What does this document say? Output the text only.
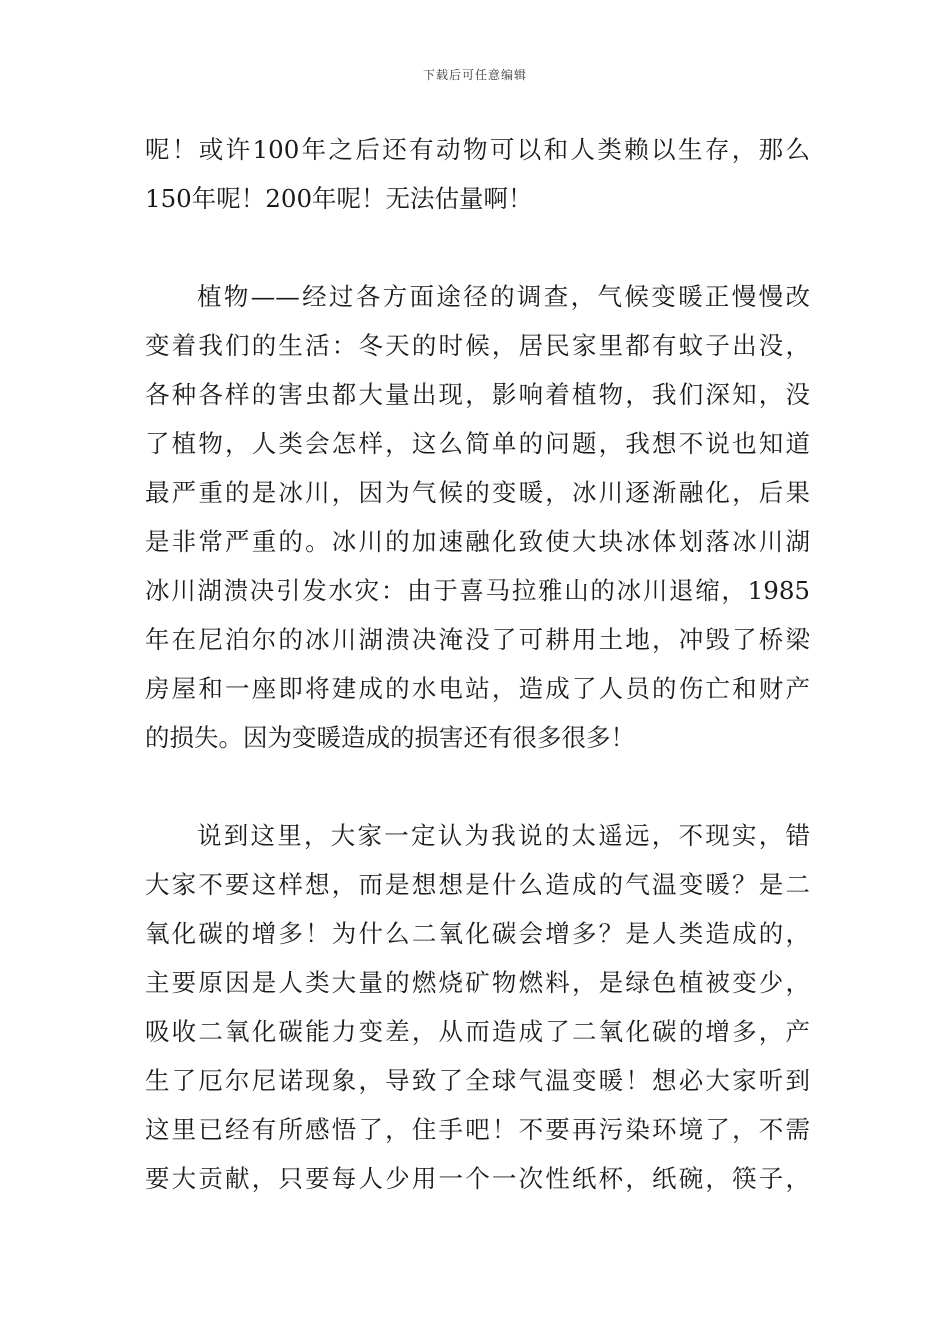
下载后可任意编辑
呢！或许100年之后还有动物可以和人类赖以生存，那么
150年呢！200年呢！无法估量啊！
植物——经过各方面途径的调查，气候变暖正慢慢改
变着我们的生活：冬天的时候，居民家里都有蚊子出没，
各种各样的害虫都大量出现，影响着植物，我们深知，没
了植物，人类会怎样，这么简单的问题，我想不说也知道
最严重的是冰川，因为气候的变暖，冰川逐渐融化，后果
是非常严重的。冰川的加速融化致使大块冰体划落冰川湖
冰川湖溃决引发水灾：由于喜马拉雅山的冰川退缩，1985
年在尼泊尔的冰川湖溃决淹没了可耕用土地，冲毁了桥梁
房屋和一座即将建成的水电站，造成了人员的伤亡和财产
的损失。因为变暖造成的损害还有很多很多！
说到这里，大家一定认为我说的太遥远，不现实，错
大家不要这样想，而是想想是什么造成的气温变暖？是二
氧化碳的增多！为什么二氧化碳会增多？是人类造成的，
主要原因是人类大量的燃烧矿物燃料，是绿色植被变少，
吸收二氧化碳能力变差，从而造成了二氧化碳的增多，产
生了厄尔尼诺现象，导致了全球气温变暖！想必大家听到
这里已经有所感悟了，住手吧！不要再污染环境了，不需
要大贡献，只要每人少用一个一次性纸杯，纸碗，筷子，
